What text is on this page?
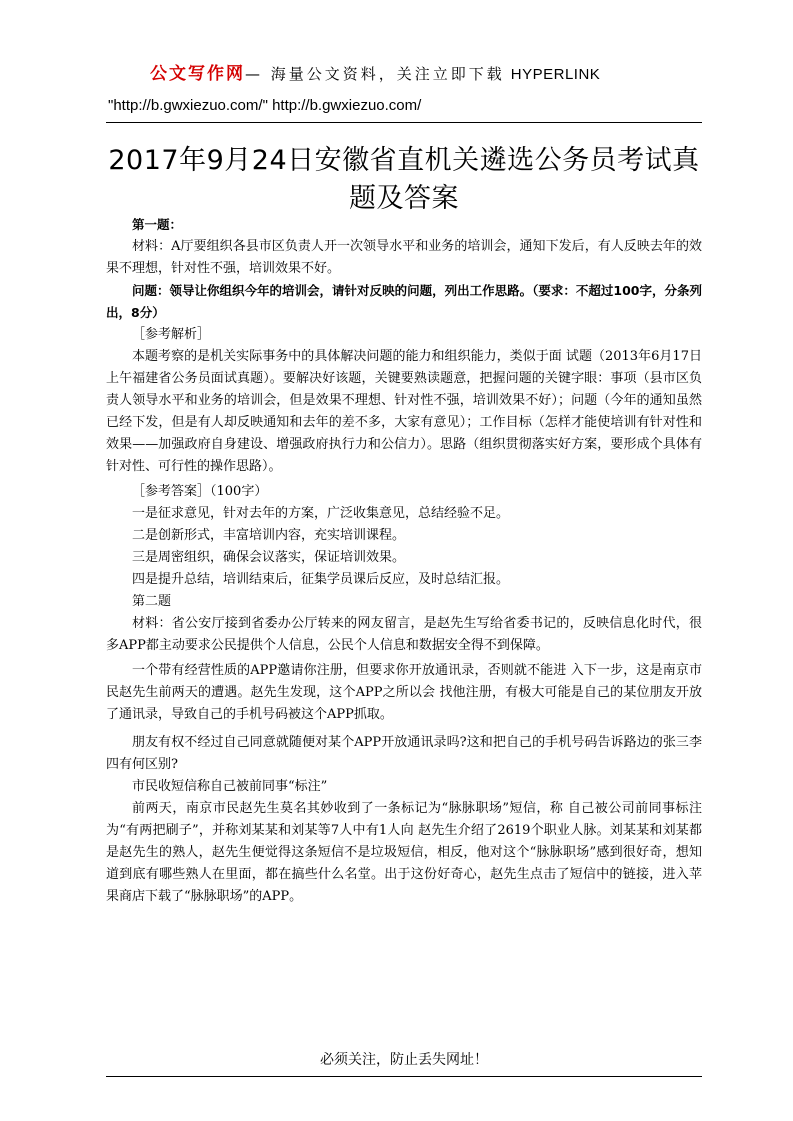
公文写作网— 海量公文资料，关注立即下载 HYPERLINK
"http://b.gwxiezuo.com/" http://b.gwxiezuo.com/
2017年9月24日安徽省直机关遴选公务员考试真题及答案

第一题：

材料：A厅要组织各县市区负责人开一次领导水平和业务的培训会，通知下发后，有人反映去年的效果不理想，针对性不强，培训效果不好。

问题：领导让你组织今年的培训会，请针对反映的问题，列出工作思路。（要求：不超过100字，分条列出，8分）

［参考解析］

本题考察的是机关实际事务中的具体解决问题的能力和组织能力，类似于面 试题（2013年6月17日上午福建省公务员面试真题）。要解决好该题，关键要熟读题意，把握问题的关键字眼：事项（县市区负责人领导水平和业务的培训会，但是效果不理想、针对性不强，培训效果不好）；问题（今年的通知虽然已经下发，但是有人却反映通知和去年的差不多，大家有意见）；工作目标（怎样才能使培训有针对性和效果——加强政府自身建设、增强政府执行力和公信力）。思路（组织贯彻落实好方案，要形成个具体有针对性、可行性的操作思路）。

［参考答案］（100字）

一是征求意见，针对去年的方案，广泛收集意见，总结经验不足。

二是创新形式，丰富培训内容，充实培训课程。

三是周密组织，确保会议落实，保证培训效果。

四是提升总结，培训结束后，征集学员课后反应，及时总结汇报。

第二题

材料：省公安厅接到省委办公厅转来的网友留言，是赵先生写给省委书记的，反映信息化时代，很多APP都主动要求公民提供个人信息，公民个人信息和数据安全得不到保障。

一个带有经营性质的APP邀请你注册，但要求你开放通讯录，否则就不能进 入下一步，这是南京市民赵先生前两天的遭遇。赵先生发现，这个APP之所以会 找他注册，有极大可能是自己的某位朋友开放了通讯录，导致自己的手机号码被这个APP抓取。

朋友有权不经过自己同意就随便对某个APP开放通讯录吗?这和把自己的手机号码告诉路边的张三李四有何区别?

市民收短信称自己被前同事“标注”

前两天，南京市民赵先生莫名其妙收到了一条标记为“脉脉职场”短信，称 自己被公司前同事标注为“有两把刷子”，并称刘某某和刘某等7人中有1人向 赵先生介绍了2619个职业人脉。刘某某和刘某都是赵先生的熟人，赵先生便觉得这条短信不是垃圾短信，相反，他对这个“脉脉职场”感到很好奇，想知道到底有哪些熟人在里面，都在搞些什么名堂。出于这份好奇心，赵先生点击了短信中的链接，进入苹果商店下载了“脉脉职场”的APP。

必须关注，防止丢失网址！
